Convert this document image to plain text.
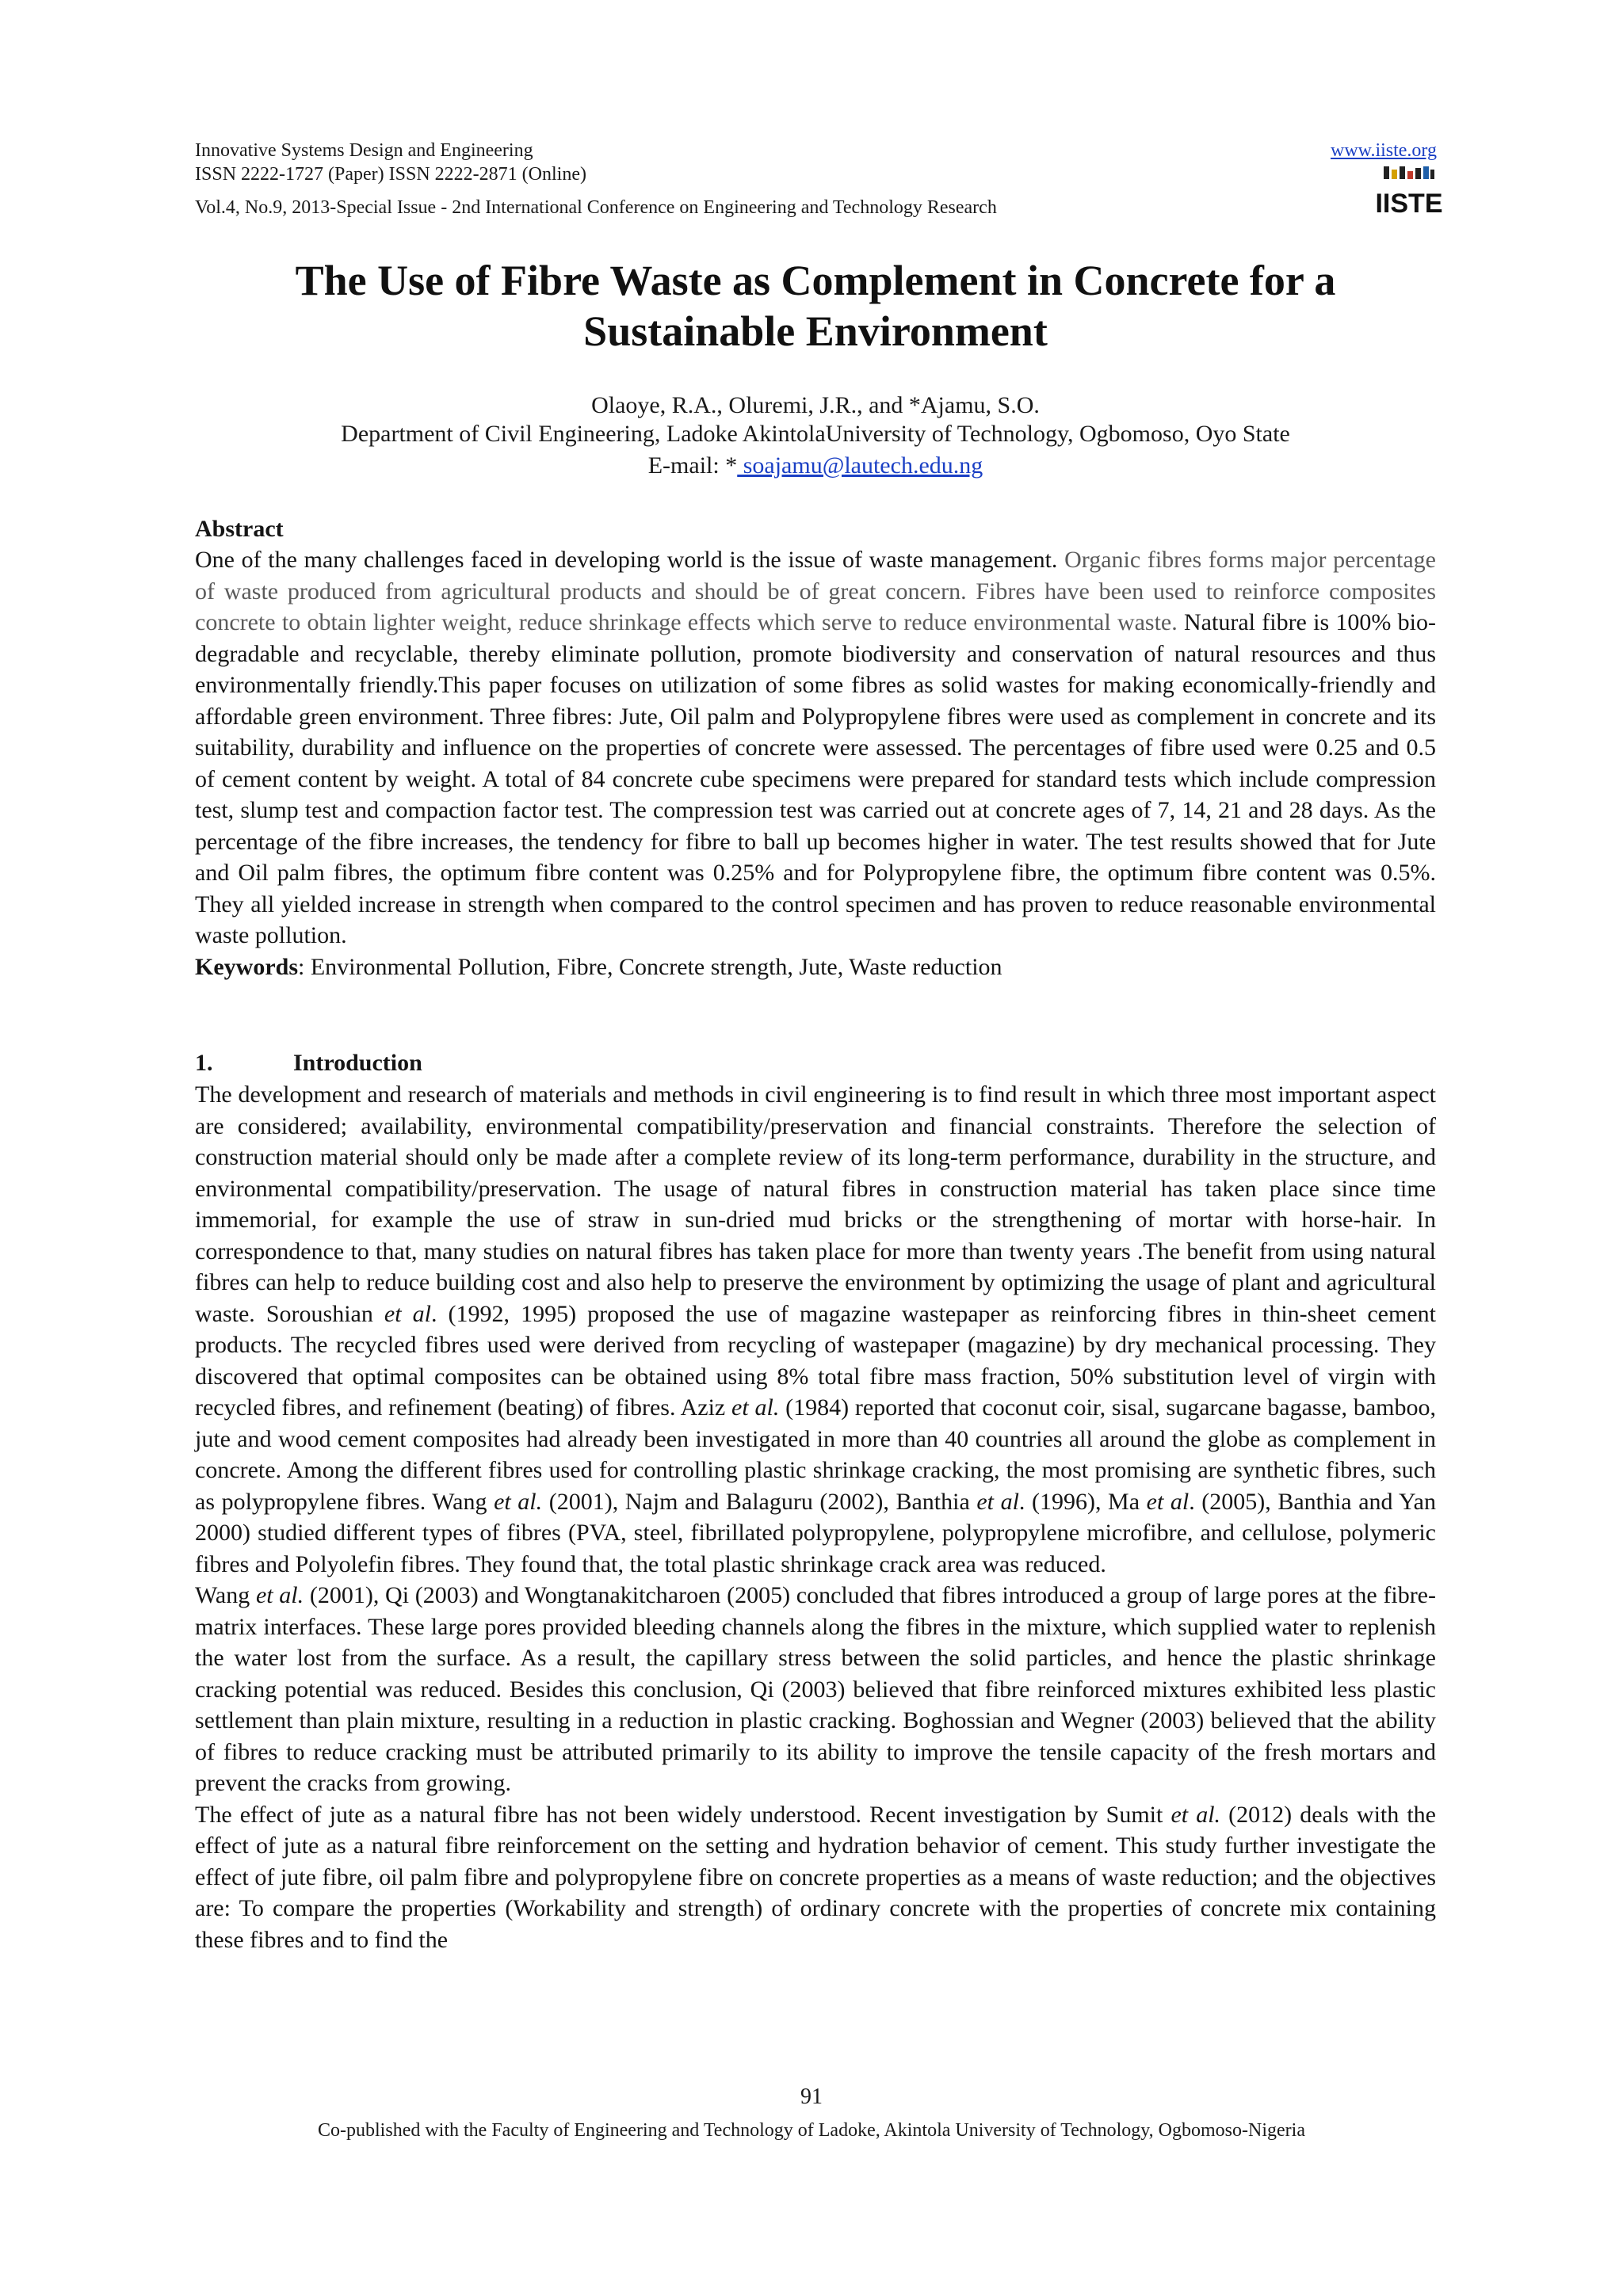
Innovative Systems Design and Engineering
ISSN 2222-1727 (Paper) ISSN 2222-2871 (Online)
Vol.4, No.9, 2013-Special Issue - 2nd International Conference on Engineering and Technology Research
www.iiste.org
IISTE
The Use of Fibre Waste as Complement in Concrete for a Sustainable Environment
Olaoye, R.A., Oluremi, J.R., and *Ajamu, S.O.
Department of Civil Engineering, Ladoke AkintolaUniversity of Technology, Ogbomoso, Oyo State
E-mail: * soajamu@lautech.edu.ng
Abstract

One of the many challenges faced in developing world is the issue of waste management. Organic fibres forms major percentage of waste produced from agricultural products and should be of great concern. Fibres have been used to reinforce composites concrete to obtain lighter weight, reduce shrinkage effects which serve to reduce environmental waste. Natural fibre is 100% bio-degradable and recyclable, thereby eliminate pollution, promote biodiversity and conservation of natural resources and thus environmentally friendly.This paper focuses on utilization of some fibres as solid wastes for making economically-friendly and affordable green environment. Three fibres: Jute, Oil palm and Polypropylene fibres were used as complement in concrete and its suitability, durability and influence on the properties of concrete were assessed. The percentages of fibre used were 0.25 and 0.5 of cement content by weight. A total of 84 concrete cube specimens were prepared for standard tests which include compression test, slump test and compaction factor test. The compression test was carried out at concrete ages of 7, 14, 21 and 28 days. As the percentage of the fibre increases, the tendency for fibre to ball up becomes higher in water. The test results showed that for Jute and Oil palm fibres, the optimum fibre content was 0.25% and for Polypropylene fibre, the optimum fibre content was 0.5%. They all yielded increase in strength when compared to the control specimen and has proven to reduce reasonable environmental waste pollution.

Keywords: Environmental Pollution, Fibre, Concrete strength, Jute, Waste reduction

1.	Introduction

The development and research of materials and methods in civil engineering is to find result in which three most important aspect are considered; availability, environmental compatibility/preservation and financial constraints. Therefore the selection of construction material should only be made after a complete review of its long-term performance, durability in the structure, and environmental compatibility/preservation. The usage of natural fibres in construction material has taken place since time immemorial, for example the use of straw in sun-dried mud bricks or the strengthening of mortar with horse-hair. In correspondence to that, many studies on natural fibres has taken place for more than twenty years .The benefit from using natural fibres can help to reduce building cost and also help to preserve the environment by optimizing the usage of plant and agricultural waste. Soroushian et al. (1992, 1995) proposed the use of magazine wastepaper as reinforcing fibres in thin-sheet cement products. The recycled fibres used were derived from recycling of wastepaper (magazine) by dry mechanical processing. They discovered that optimal composites can be obtained using 8% total fibre mass fraction, 50% substitution level of virgin with recycled fibres, and refinement (beating) of fibres. Aziz et al. (1984) reported that coconut coir, sisal, sugarcane bagasse, bamboo, jute and wood cement composites had already been investigated in more than 40 countries all around the globe as complement in concrete. Among the different fibres used for controlling plastic shrinkage cracking, the most promising are synthetic fibres, such as polypropylene fibres. Wang et al. (2001), Najm and Balaguru (2002), Banthia et al. (1996), Ma et al. (2005), Banthia and Yan 2000) studied different types of fibres (PVA, steel, fibrillated polypropylene, polypropylene microfibre, and cellulose, polymeric fibres and Polyolefin fibres. They found that, the total plastic shrinkage crack area was reduced.

Wang et al. (2001), Qi (2003) and Wongtanakitcharoen (2005) concluded that fibres introduced a group of large pores at the fibre-matrix interfaces. These large pores provided bleeding channels along the fibres in the mixture, which supplied water to replenish the water lost from the surface. As a result, the capillary stress between the solid particles, and hence the plastic shrinkage cracking potential was reduced. Besides this conclusion, Qi (2003) believed that fibre reinforced mixtures exhibited less plastic settlement than plain mixture, resulting in a reduction in plastic cracking. Boghossian and Wegner (2003) believed that the ability of fibres to reduce cracking must be attributed primarily to its ability to improve the tensile capacity of the fresh mortars and prevent the cracks from growing.

The effect of jute as a natural fibre has not been widely understood. Recent investigation by Sumit et al. (2012) deals with the effect of jute as a natural fibre reinforcement on the setting and hydration behavior of cement. This study further investigate the effect of jute fibre, oil palm fibre and polypropylene fibre on concrete properties as a means of waste reduction; and the objectives are: To compare the properties (Workability and strength) of ordinary concrete with the properties of concrete mix containing these fibres and to find the

91
Co-published with the Faculty of Engineering and Technology of Ladoke, Akintola University of Technology, Ogbomoso-Nigeria
